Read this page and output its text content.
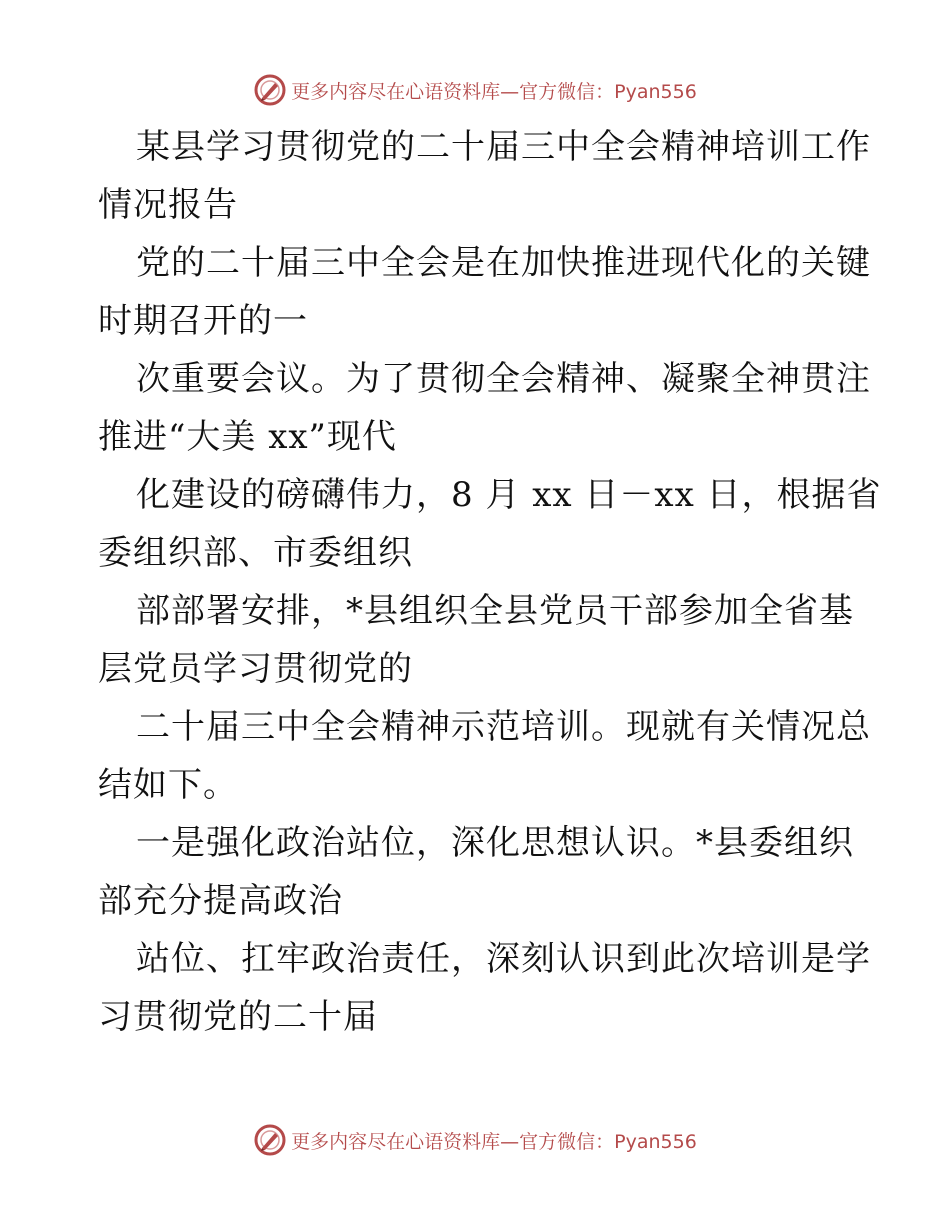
更多内容尽在心语资料库—官方微信：Pyan556
某县学习贯彻党的二十届三中全会精神培训工作
情况报告
党的二十届三中全会是在加快推进现代化的关键
时期召开的一
次重要会议。为了贯彻全会精神、凝聚全神贯注
推进“大美 xx”现代
化建设的磅礴伟力，8 月 xx 日－xx 日，根据省
委组织部、市委组织
部部署安排，*县组织全县党员干部参加全省基
层党员学习贯彻党的
二十届三中全会精神示范培训。现就有关情况总
结如下。
一是强化政治站位，深化思想认识。*县委组织
部充分提高政治
站位、扛牢政治责任，深刻认识到此次培训是学
习贯彻党的二十届
更多内容尽在心语资料库—官方微信：Pyan556
